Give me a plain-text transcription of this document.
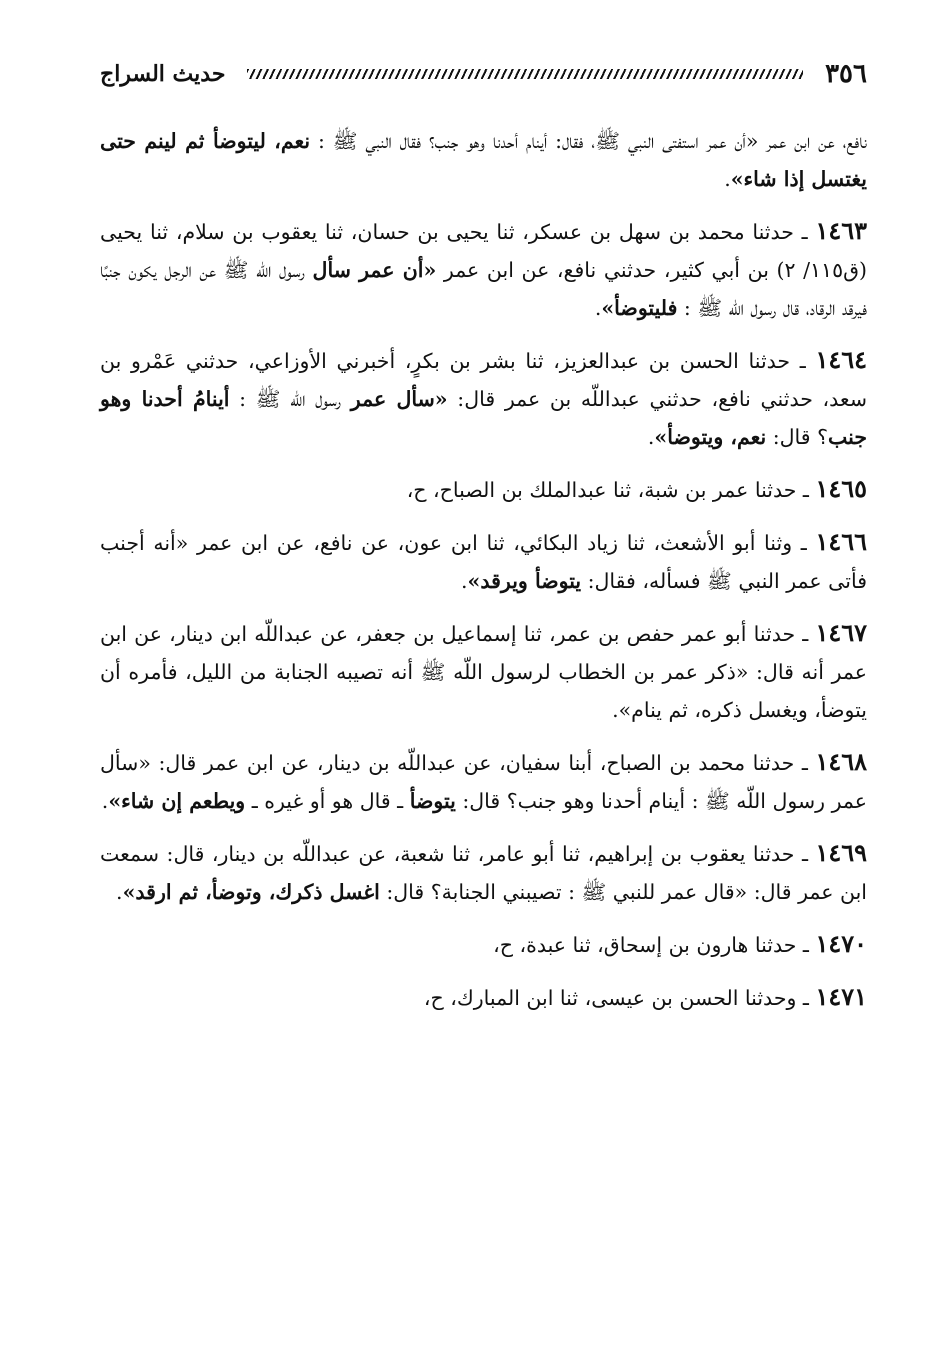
٣٥٦
حديث السراج

نافع، عن ابن عمر «أن عمر استفتى النبي ﷺ، فقال: أينام أحدنا وهو جنب؟ فقال النبي ﷺ : نعم، ليتوضأ ثم لينم حتى يغتسل إذا شاء».

١٤٦٣ ـ حدثنا محمد بن سهل بن عسكر، ثنا يحيى بن حسان، ثنا يعقوب بن سلام، ثنا يحيى (ق١١٥/ ٢) بن أبي كثير، حدثني نافع، عن ابن عمر «أن عمر سأل رسول اللّه ﷺ عن الرجل يكون جنبًا فيرقد الرقاد، قال رسول اللّه ﷺ : فليتوضأ».

١٤٦٤ ـ حدثنا الحسن بن عبدالعزيز، ثنا بشر بن بكرٍ، أخبرني الأوزاعي، حدثني عَمْرو بن سعد، حدثني نافع، حدثني عبداللّه بن عمر قال: «سأل عمر رسول اللّه ﷺ : أينامُ أحدنا وهو جنب؟ قال: نعم، ويتوضأ».

١٤٦٥ ـ حدثنا عمر بن شبة، ثنا عبدالملك بن الصباح، ح،

١٤٦٦ ـ وثنا أبو الأشعث، ثنا زياد البكائي، ثنا ابن عون، عن نافع، عن ابن عمر «أنه أجنب فأتى عمر النبي ﷺ فسأله، فقال: يتوضأ ويرقد».

١٤٦٧ ـ حدثنا أبو عمر حفص بن عمر، ثنا إسماعيل بن جعفر، عن عبداللّه ابن دينار، عن ابن عمر أنه قال: «ذكر عمر بن الخطاب لرسول اللّه ﷺ أنه تصيبه الجنابة من الليل، فأمره أن يتوضأ، ويغسل ذكره، ثم ينام».

١٤٦٨ ـ حدثنا محمد بن الصباح، أبنا سفيان، عن عبداللّه بن دينار، عن ابن عمر قال: «سأل عمر رسول اللّه ﷺ : أينام أحدنا وهو جنب؟ قال: يتوضأ ـ قال هو أو غيره ـ ويطعم إن شاء».

١٤٦٩ ـ حدثنا يعقوب بن إبراهيم، ثنا أبو عامر، ثنا شعبة، عن عبداللّه بن دينار، قال: سمعت ابن عمر قال: «قال عمر للنبي ﷺ : تصيبني الجنابة؟ قال: اغسل ذكرك، وتوضأ، ثم ارقد».

١٤٧٠ ـ حدثنا هارون بن إسحاق، ثنا عبدة، ح،

١٤٧١ ـ وحدثنا الحسن بن عيسى، ثنا ابن المبارك، ح،
